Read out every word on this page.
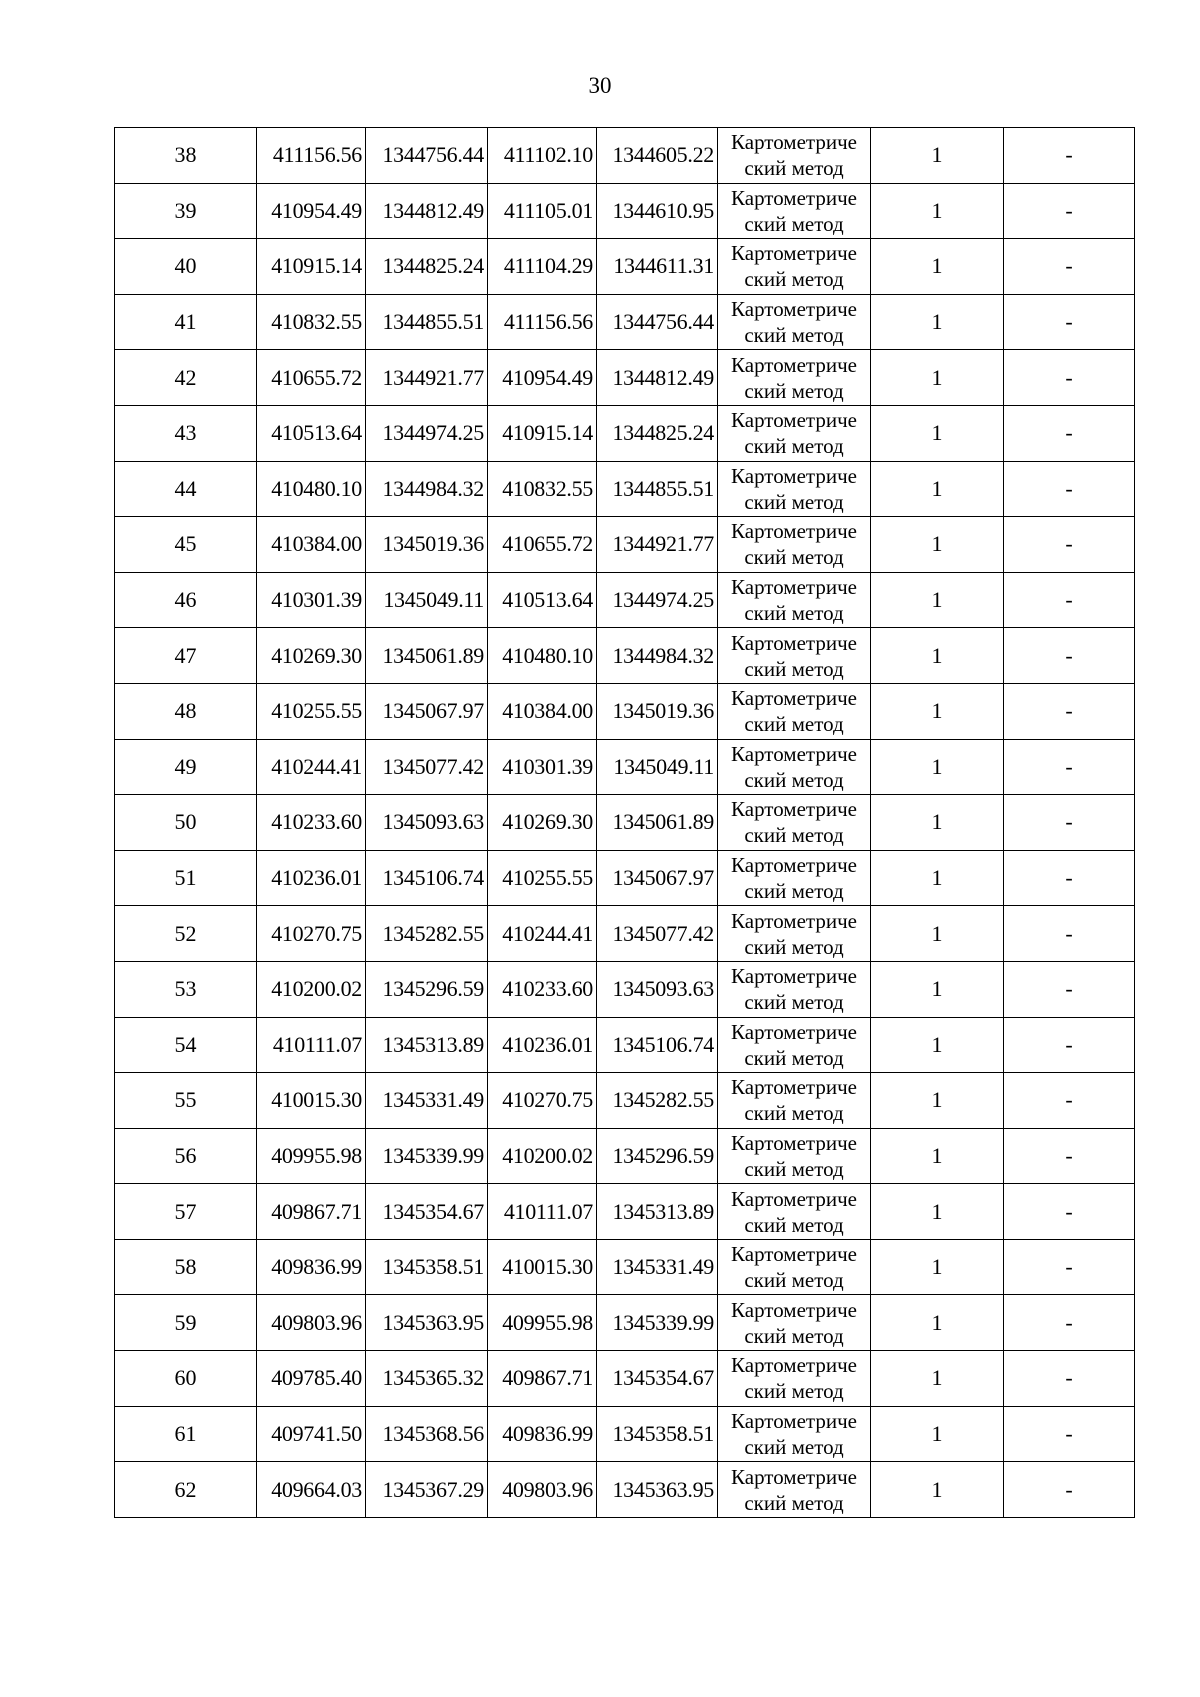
30
38	411156.56	1344756.44	411102.10	1344605.22	Картометриче
ский метод	1	-
39	410954.49	1344812.49	411105.01	1344610.95	Картометриче
ский метод	1	-
40	410915.14	1344825.24	411104.29	1344611.31	Картометриче
ский метод	1	-
41	410832.55	1344855.51	411156.56	1344756.44	Картометриче
ский метод	1	-
42	410655.72	1344921.77	410954.49	1344812.49	Картометриче
ский метод	1	-
43	410513.64	1344974.25	410915.14	1344825.24	Картометриче
ский метод	1	-
44	410480.10	1344984.32	410832.55	1344855.51	Картометриче
ский метод	1	-
45	410384.00	1345019.36	410655.72	1344921.77	Картометриче
ский метод	1	-
46	410301.39	1345049.11	410513.64	1344974.25	Картометриче
ский метод	1	-
47	410269.30	1345061.89	410480.10	1344984.32	Картометриче
ский метод	1	-
48	410255.55	1345067.97	410384.00	1345019.36	Картометриче
ский метод	1	-
49	410244.41	1345077.42	410301.39	1345049.11	Картометриче
ский метод	1	-
50	410233.60	1345093.63	410269.30	1345061.89	Картометриче
ский метод	1	-
51	410236.01	1345106.74	410255.55	1345067.97	Картометриче
ский метод	1	-
52	410270.75	1345282.55	410244.41	1345077.42	Картометриче
ский метод	1	-
53	410200.02	1345296.59	410233.60	1345093.63	Картометриче
ский метод	1	-
54	410111.07	1345313.89	410236.01	1345106.74	Картометриче
ский метод	1	-
55	410015.30	1345331.49	410270.75	1345282.55	Картометриче
ский метод	1	-
56	409955.98	1345339.99	410200.02	1345296.59	Картометриче
ский метод	1	-
57	409867.71	1345354.67	410111.07	1345313.89	Картометриче
ский метод	1	-
58	409836.99	1345358.51	410015.30	1345331.49	Картометриче
ский метод	1	-
59	409803.96	1345363.95	409955.98	1345339.99	Картометриче
ский метод	1	-
60	409785.40	1345365.32	409867.71	1345354.67	Картометриче
ский метод	1	-
61	409741.50	1345368.56	409836.99	1345358.51	Картометриче
ский метод	1	-
62	409664.03	1345367.29	409803.96	1345363.95	Картометриче
ский метод	1	-
